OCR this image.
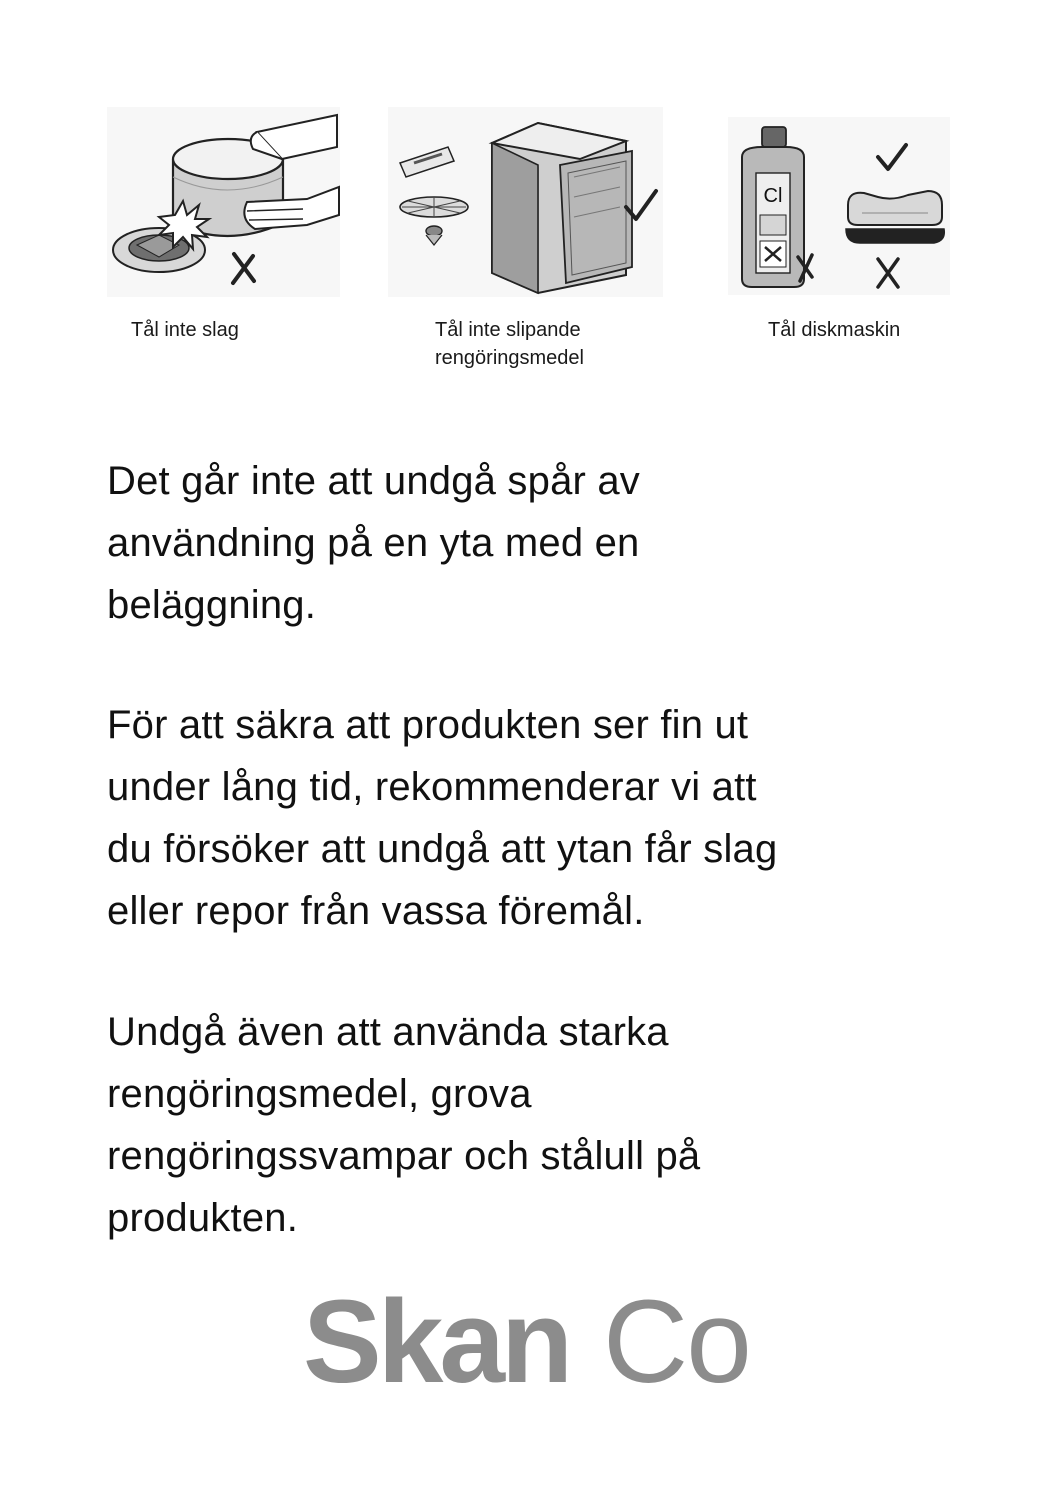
Cl

Tål inte slag	Tål inte slipande
rengöringsmedel

Tål diskmaskin

Det går inte att undgå spår av
användning på en yta med en
beläggning.

För att säkra att produkten ser fin ut
under lång tid, rekommenderar vi att
du försöker att undgå att ytan får slag
eller repor från vassa föremål.

Undgå även att använda starka
rengöringsmedel, grova
rengöringssvampar och stålull på
produkten.

Skan Co
